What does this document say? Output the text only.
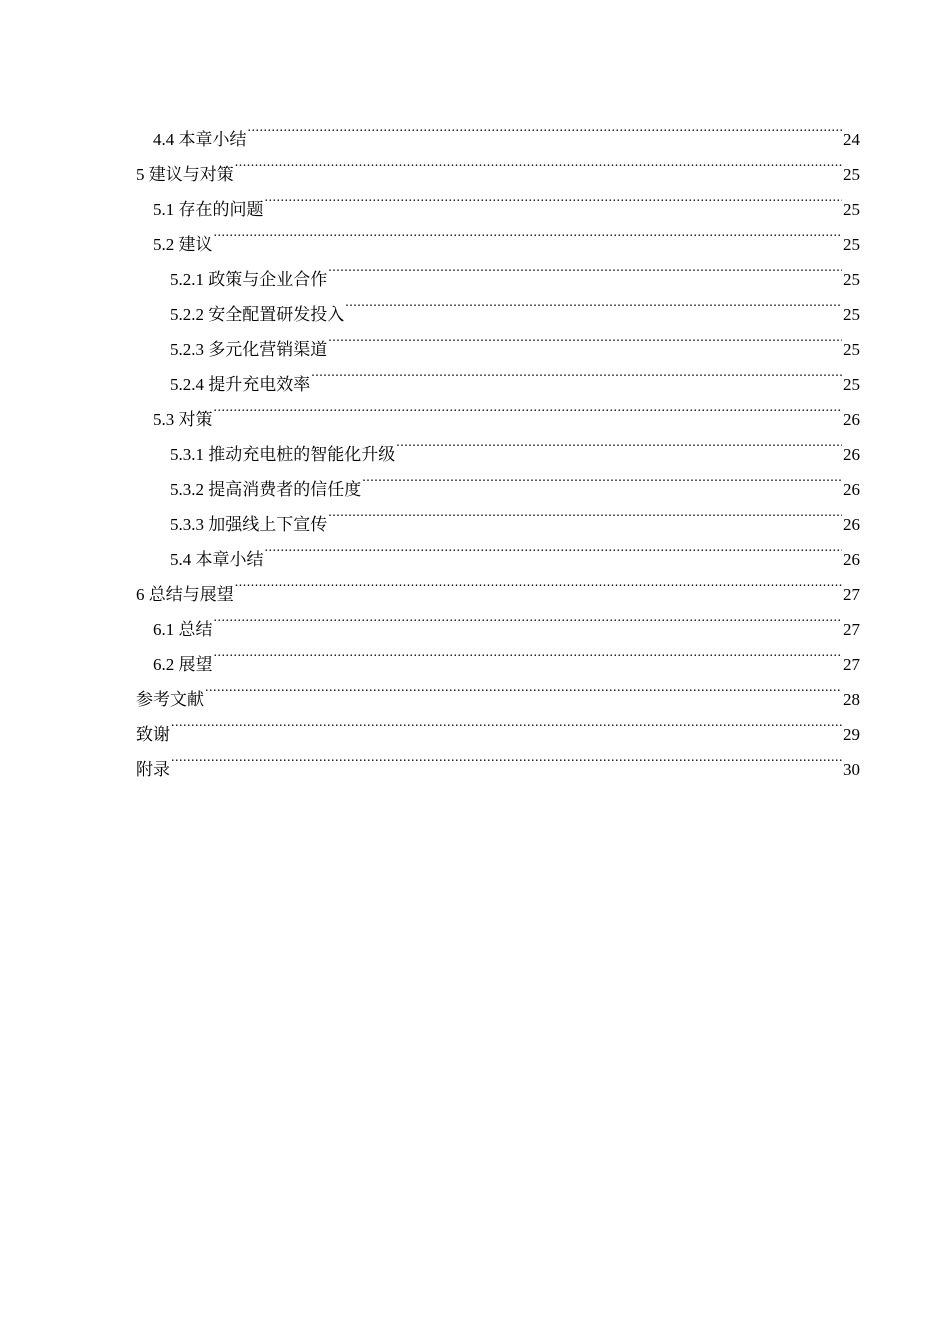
4.4 本章小结 .....	24
5 建议与对策 .....	25
5.1 存在的问题 .....	25
5.2 建议 .....	25
5.2.1 政策与企业合作 .....	25
5.2.2 安全配置研发投入 .....	25
5.2.3 多元化营销渠道 .....	25
5.2.4 提升充电效率 .....	25
5.3 对策 .....	26
5.3.1 推动充电桩的智能化升级 .....	26
5.3.2 提高消费者的信任度 .....	26
5.3.3 加强线上下宣传 .....	26
5.4 本章小结 .....	26
6 总结与展望 .....	27
6.1 总结 .....	27
6.2 展望 .....	27
参考文献 .....	28
致谢 .....	29
附录 .....	30
